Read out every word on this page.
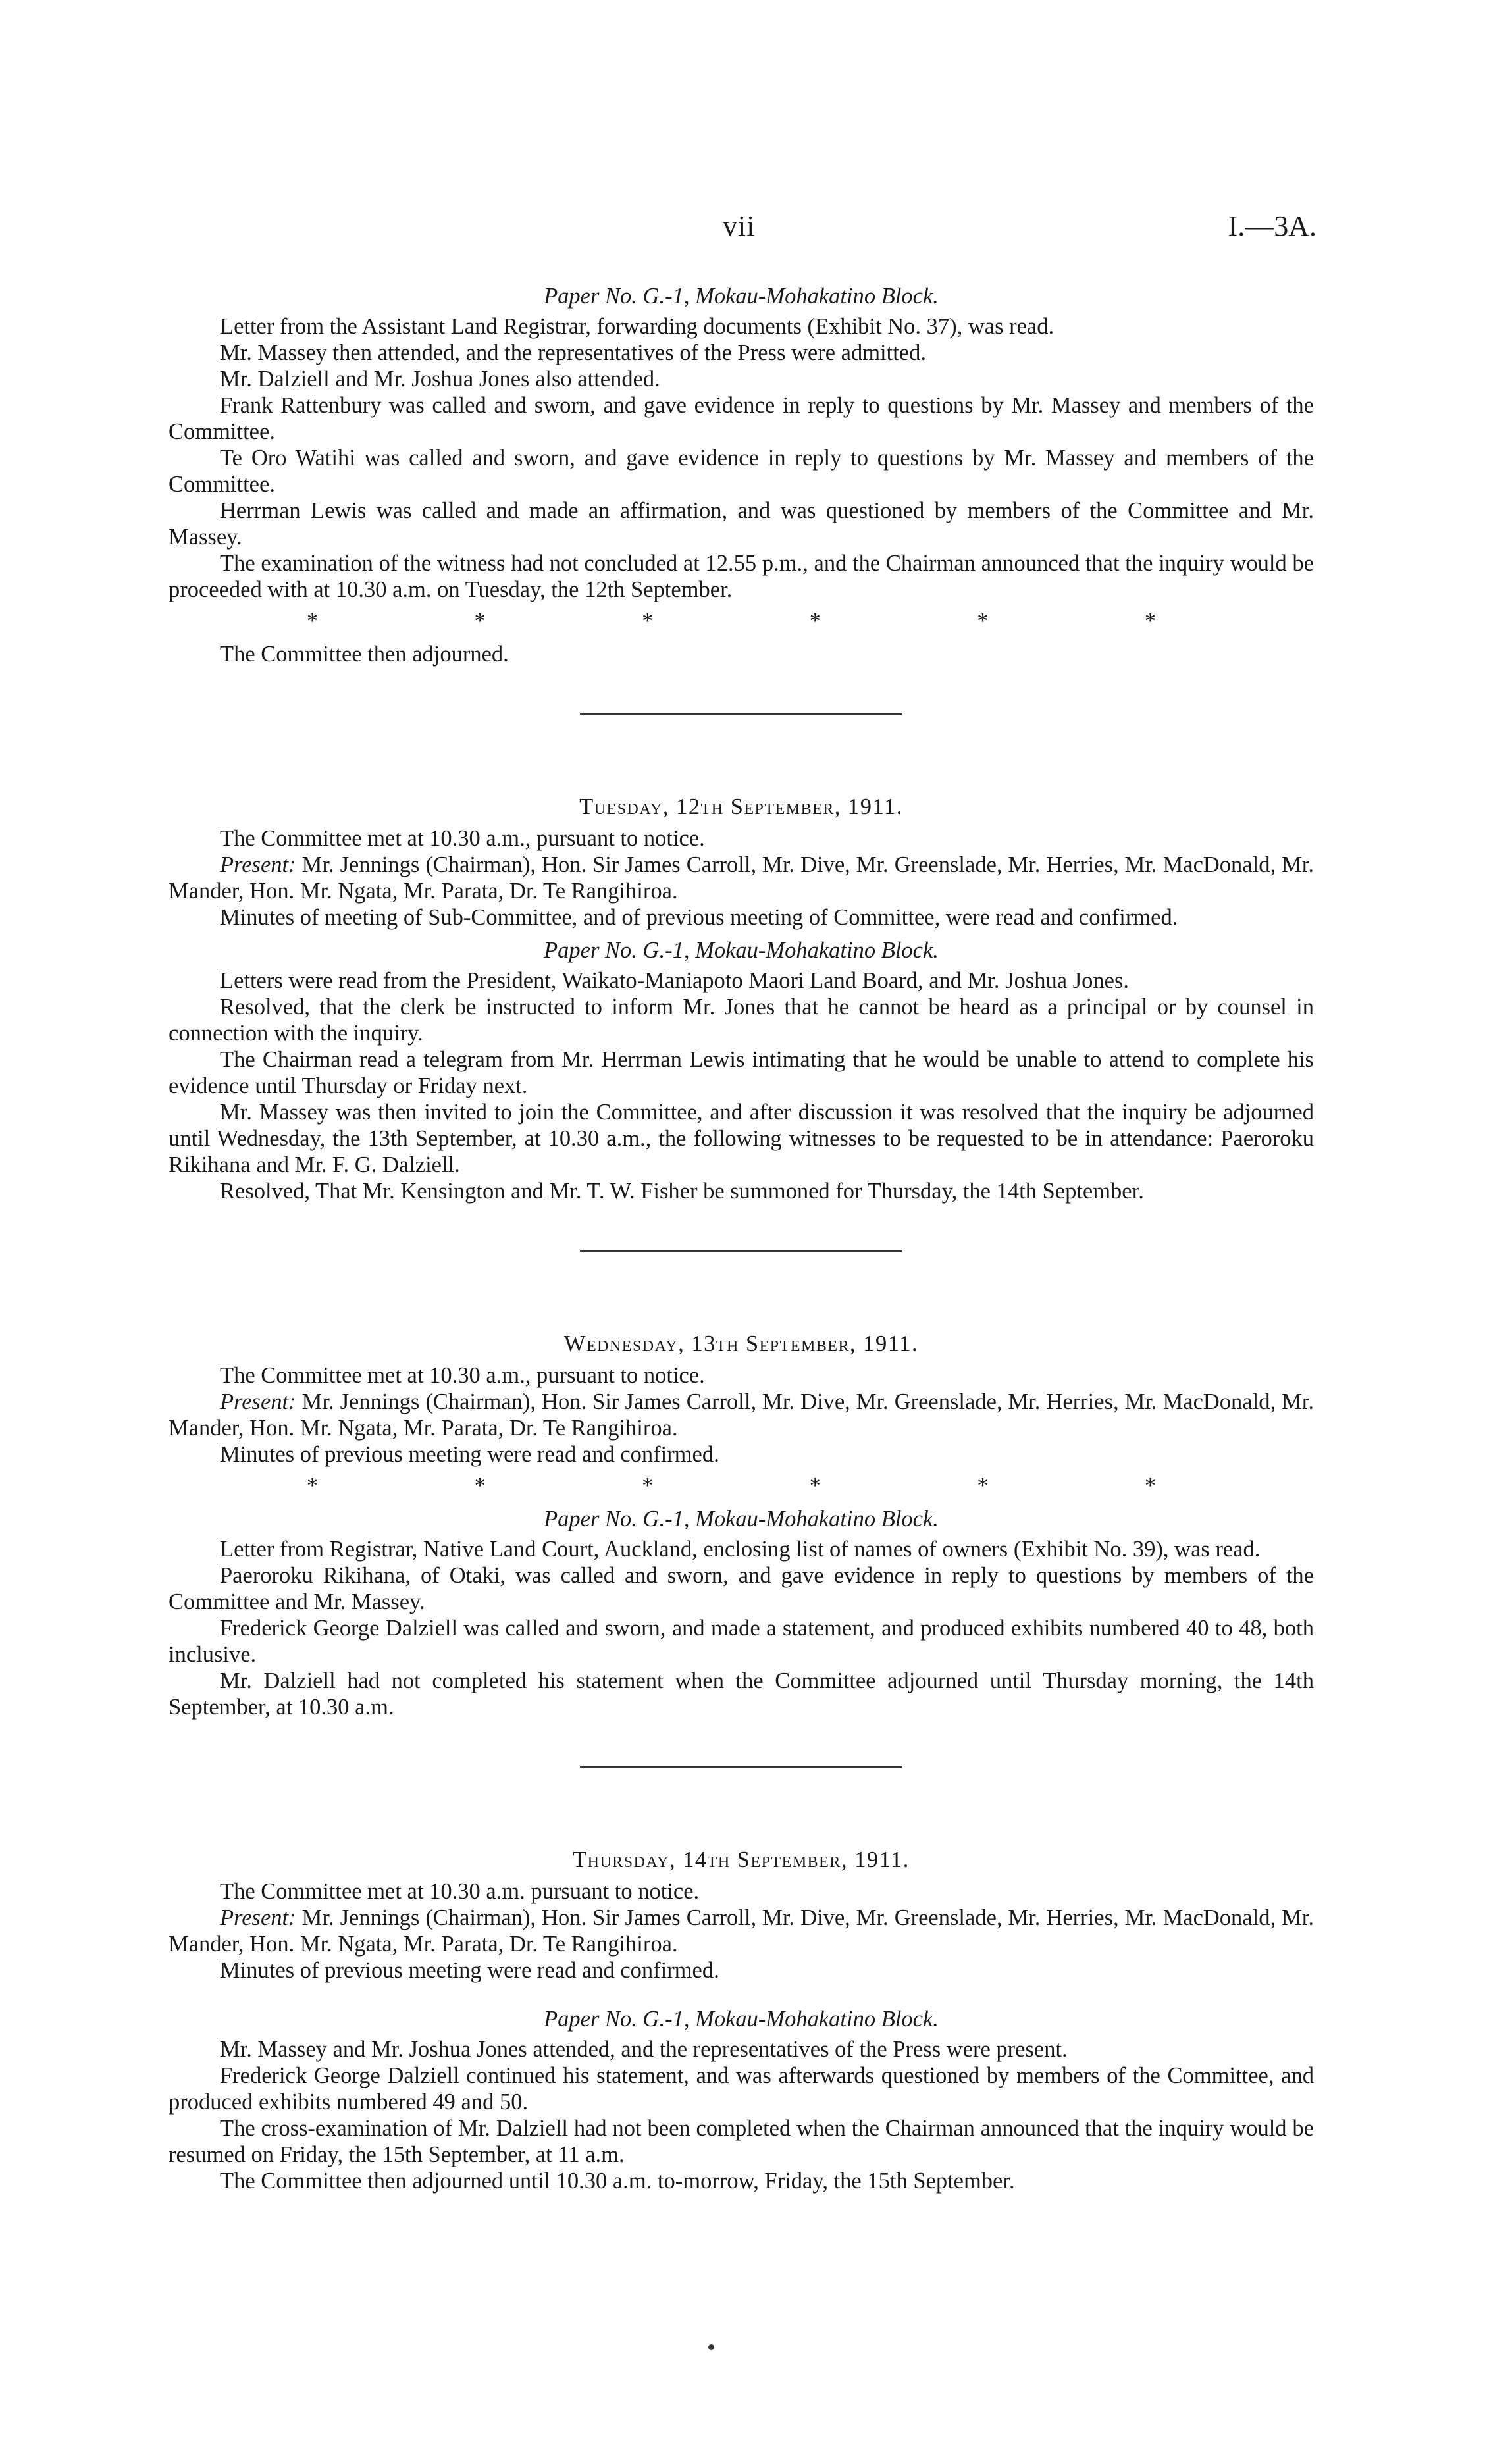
vii	I.—3A.
Paper No. G.-1, Mokau-Mohakatino Block.

Letter from the Assistant Land Registrar, forwarding documents (Exhibit No. 37), was read.

Mr. Massey then attended, and the representatives of the Press were admitted.

Mr. Dalziell and Mr. Joshua Jones also attended.

Frank Rattenbury was called and sworn, and gave evidence in reply to questions by Mr. Massey and members of the Committee.

Te Oro Watihi was called and sworn, and gave evidence in reply to questions by Mr. Massey and members of the Committee.

Herrman Lewis was called and made an affirmation, and was questioned by members of the Committee and Mr. Massey.

The examination of the witness had not concluded at 12.55 p.m., and the Chairman announced that the inquiry would be proceeded with at 10.30 a.m. on Tuesday, the 12th September.

*	*	*	*	*	*

The Committee then adjourned.

Tuesday, 12th September, 1911.

The Committee met at 10.30 a.m., pursuant to notice.

Present: Mr. Jennings (Chairman), Hon. Sir James Carroll, Mr. Dive, Mr. Greenslade, Mr. Herries, Mr. MacDonald, Mr. Mander, Hon. Mr. Ngata, Mr. Parata, Dr. Te Rangihiroa.

Minutes of meeting of Sub-Committee, and of previous meeting of Committee, were read and confirmed.

Paper No. G.-1, Mokau-Mohakatino Block.

Letters were read from the President, Waikato-Maniapoto Maori Land Board, and Mr. Joshua Jones.

Resolved, that the clerk be instructed to inform Mr. Jones that he cannot be heard as a principal or by counsel in connection with the inquiry.

The Chairman read a telegram from Mr. Herrman Lewis intimating that he would be unable to attend to complete his evidence until Thursday or Friday next.

Mr. Massey was then invited to join the Committee, and after discussion it was resolved that the inquiry be adjourned until Wednesday, the 13th September, at 10.30 a.m., the following witnesses to be requested to be in attendance: Paeroroku Rikihana and Mr. F. G. Dalziell.

Resolved, That Mr. Kensington and Mr. T. W. Fisher be summoned for Thursday, the 14th September.

Wednesday, 13th September, 1911.

The Committee met at 10.30 a.m., pursuant to notice.

Present: Mr. Jennings (Chairman), Hon. Sir James Carroll, Mr. Dive, Mr. Greenslade, Mr. Herries, Mr. MacDonald, Mr. Mander, Hon. Mr. Ngata, Mr. Parata, Dr. Te Rangihiroa.

Minutes of previous meeting were read and confirmed.

*	*	*	*	*	*
Paper No. G.-1, Mokau-Mohakatino Block.

Letter from Registrar, Native Land Court, Auckland, enclosing list of names of owners (Exhibit No. 39), was read.

Paeroroku Rikihana, of Otaki, was called and sworn, and gave evidence in reply to questions by members of the Committee and Mr. Massey.

Frederick George Dalziell was called and sworn, and made a statement, and produced exhibits numbered 40 to 48, both inclusive.

Mr. Dalziell had not completed his statement when the Committee adjourned until Thursday morning, the 14th September, at 10.30 a.m.

Thursday, 14th September, 1911.

The Committee met at 10.30 a.m. pursuant to notice.

Present: Mr. Jennings (Chairman), Hon. Sir James Carroll, Mr. Dive, Mr. Greenslade, Mr. Herries, Mr. MacDonald, Mr. Mander, Hon. Mr. Ngata, Mr. Parata, Dr. Te Rangihiroa.

Minutes of previous meeting were read and confirmed.

Paper No. G.-1, Mokau-Mohakatino Block.

Mr. Massey and Mr. Joshua Jones attended, and the representatives of the Press were present.

Frederick George Dalziell continued his statement, and was afterwards questioned by members of the Committee, and produced exhibits numbered 49 and 50.

The cross-examination of Mr. Dalziell had not been completed when the Chairman announced that the inquiry would be resumed on Friday, the 15th September, at 11 a.m.

The Committee then adjourned until 10.30 a.m. to-morrow, Friday, the 15th September.
